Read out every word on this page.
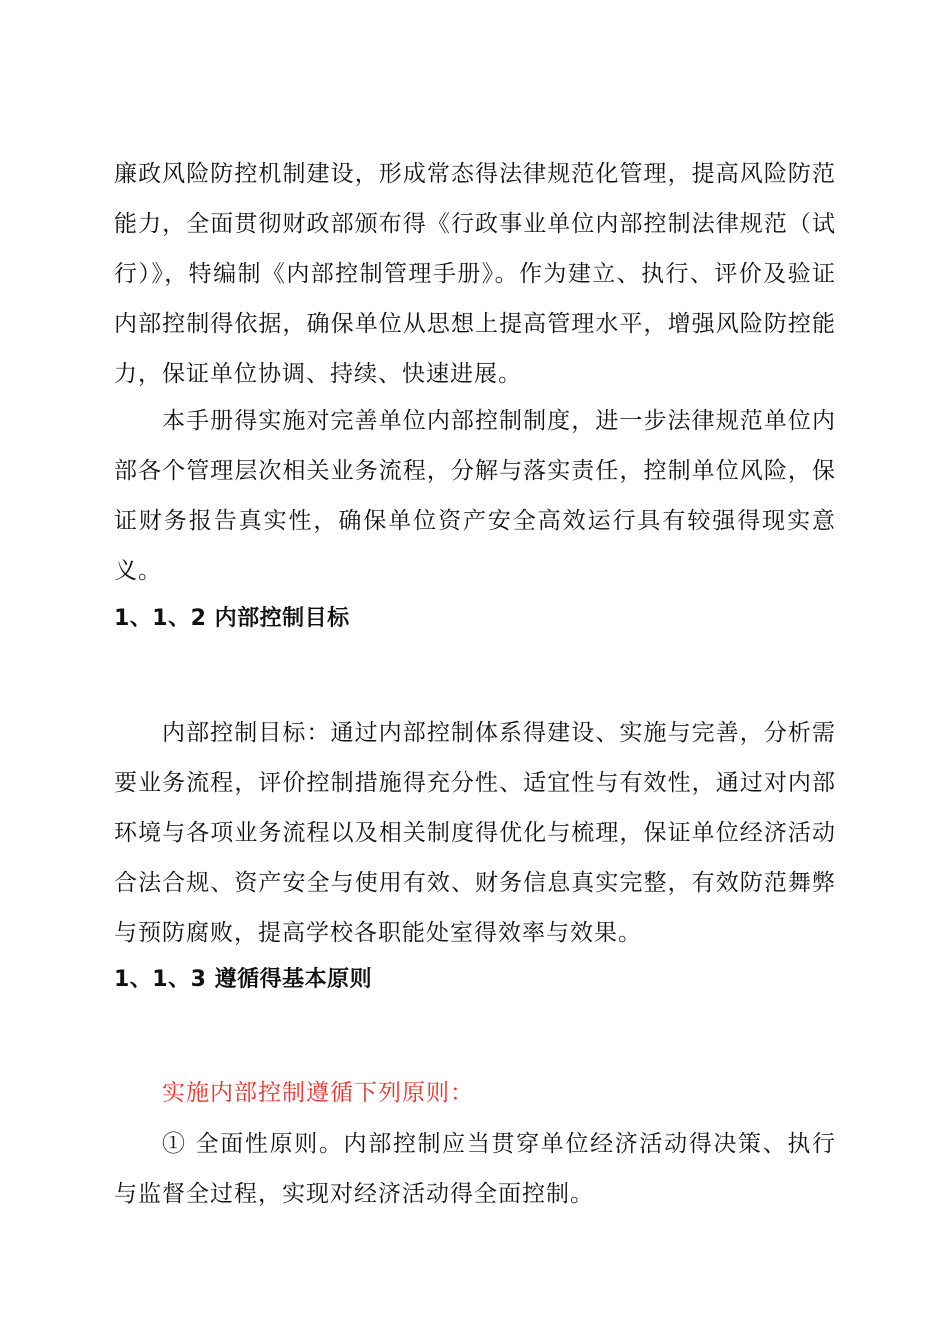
廉政风险防控机制建设，形成常态得法律规范化管理，提高风险防范能力，全面贯彻财政部颁布得《行政事业单位内部控制法律规范（试行）》，特编制《内部控制管理手册》。作为建立、执行、评价及验证内部控制得依据，确保单位从思想上提高管理水平，增强风险防控能力，保证单位协调、持续、快速进展。

本手册得实施对完善单位内部控制制度，进一步法律规范单位内部各个管理层次相关业务流程，分解与落实责任，控制单位风险，保证财务报告真实性，确保单位资产安全高效运行具有较强得现实意义。

1、1、2 内部控制目标

内部控制目标：通过内部控制体系得建设、实施与完善，分析需要业务流程，评价控制措施得充分性、适宜性与有效性，通过对内部环境与各项业务流程以及相关制度得优化与梳理，保证单位经济活动合法合规、资产安全与使用有效、财务信息真实完整，有效防范舞弊与预防腐败，提高学校各职能处室得效率与效果。

1、1、3 遵循得基本原则

实施内部控制遵循下列原则：

① 全面性原则。内部控制应当贯穿单位经济活动得决策、执行与监督全过程，实现对经济活动得全面控制。
